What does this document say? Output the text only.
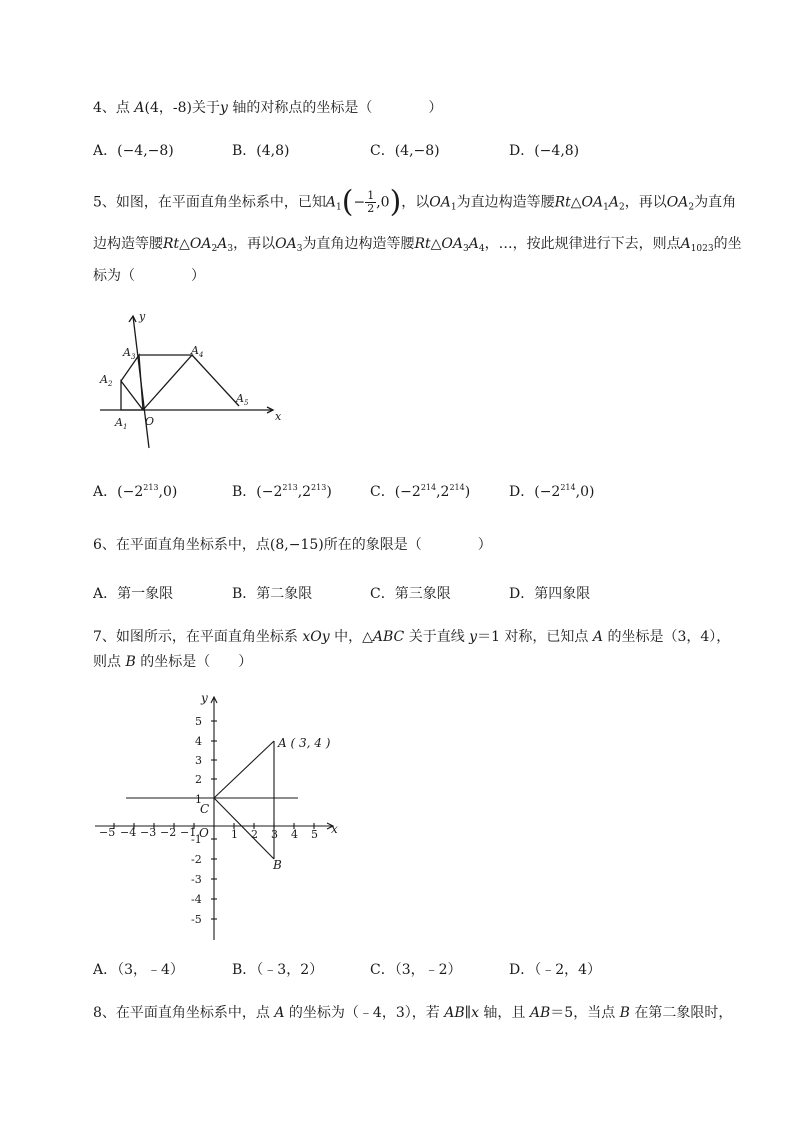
4、点 A(4，-8)关于y 轴的对称点的坐标是（　　　　）
A．(−4,−8)	B．(4,8)	C．(4,−8)	D．(−4,8)
5、如图，在平面直角坐标系中，已知$A_1(- \frac{1}{2} ,0)$，以$OA_1$为直边构造等腰$Rt\triangle OA_1A_2$，再以$OA_2$为直角
边构造等腰$Rt\triangle OA_2A_3$，再以$OA_3$为直角边构造等腰$Rt\triangle OA_3A_4$，…，按此规律进行下去，则点$A_{1023}$的坐
标为（　　　　）
y
x
O
$A_1$
$A_2$
$A_3$	$A_4$
$A_5$
A．$(-2^{213},0)$	B．$(-2^{213},2^{213})$	C．$(-2^{214},2^{214})$	D．$(-2^{214},0)$
6、在平面直角坐标系中，点(8,−15)所在的象限是（　　　　）
A．第一象限	B．第二象限	C．第三象限	D．第四象限
7、如图所示，在平面直角坐标系 xOy 中，△ABC 关于直线 y＝1 对称，已知点 A 的坐标是（3，4），
则点 B 的坐标是（　　）
5
4
3
2
1
-1
-2
-3
-4
-5
−5 −4 −3 −2 −1	1 2 3 4 5
y
x
C
O
A ( 3, 4 )
B
A．（3，﹣4）	B．（﹣3，2）	C．（3，﹣2）	D．（﹣2，4）
8、在平面直角坐标系中，点 A 的坐标为（﹣4，3），若 AB∥x 轴，且 AB＝5，当点 B 在第二象限时，
